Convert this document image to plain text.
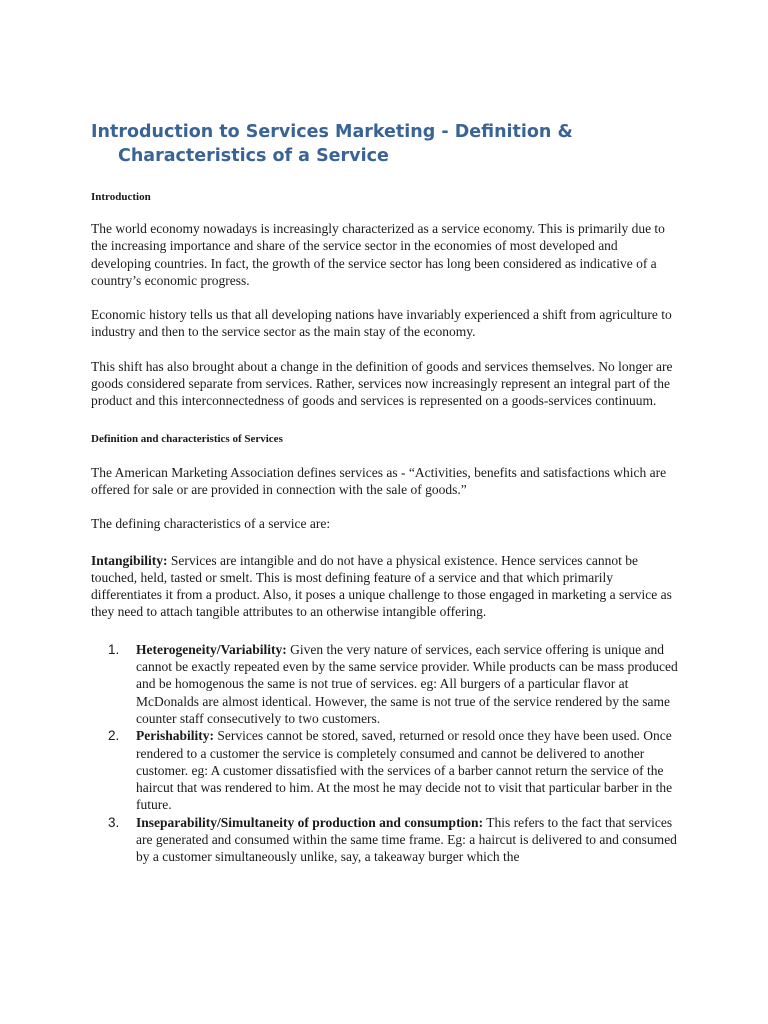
Introduction to Services Marketing - Definition & Characteristics of a Service
Introduction

The world economy nowadays is increasingly characterized as a service economy. This is primarily due to the increasing importance and share of the service sector in the economies of most developed and developing countries. In fact, the growth of the service sector has long been considered as indicative of a country’s economic progress.

Economic history tells us that all developing nations have invariably experienced a shift from agriculture to industry and then to the service sector as the main stay of the economy.

This shift has also brought about a change in the definition of goods and services themselves. No longer are goods considered separate from services. Rather, services now increasingly represent an integral part of the product and this interconnectedness of goods and services is represented on a goods-services continuum.

Definition and characteristics of Services

The American Marketing Association defines services as - “Activities, benefits and satisfactions which are offered for sale or are provided in connection with the sale of goods.”

The defining characteristics of a service are:

Intangibility: Services are intangible and do not have a physical existence. Hence services cannot be touched, held, tasted or smelt. This is most defining feature of a service and that which primarily differentiates it from a product. Also, it poses a unique challenge to those engaged in marketing a service as they need to attach tangible attributes to an otherwise intangible offering.

1. Heterogeneity/Variability: Given the very nature of services, each service offering is unique and cannot be exactly repeated even by the same service provider. While products can be mass produced and be homogenous the same is not true of services. eg: All burgers of a particular flavor at McDonalds are almost identical. However, the same is not true of the service rendered by the same counter staff consecutively to two customers.
2. Perishability: Services cannot be stored, saved, returned or resold once they have been used. Once rendered to a customer the service is completely consumed and cannot be delivered to another customer. eg: A customer dissatisfied with the services of a barber cannot return the service of the haircut that was rendered to him. At the most he may decide not to visit that particular barber in the future.
3. Inseparability/Simultaneity of production and consumption: This refers to the fact that services are generated and consumed within the same time frame. Eg: a haircut is delivered to and consumed by a customer simultaneously unlike, say, a takeaway burger which the
